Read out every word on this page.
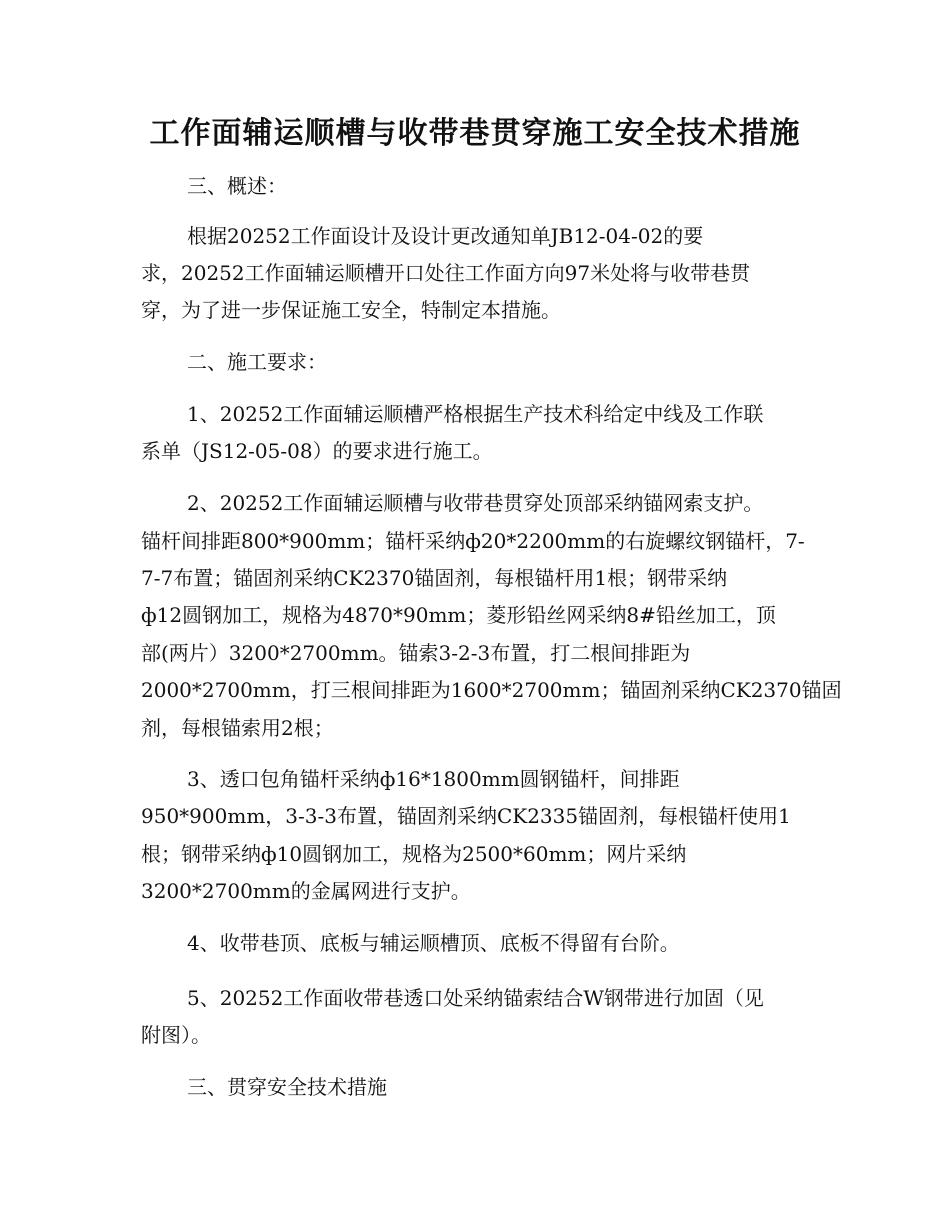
工作面辅运顺槽与收带巷贯穿施工安全技术措施
三、概述：
根据20252工作面设计及设计更改通知单JB12-04-02的要
求，20252工作面辅运顺槽开口处往工作面方向97米处将与收带巷贯
穿，为了进一步保证施工安全，特制定本措施。
二、施工要求：
1、20252工作面辅运顺槽严格根据生产技术科给定中线及工作联
系单（JS12-05-08）的要求进行施工。
2、20252工作面辅运顺槽与收带巷贯穿处顶部采纳锚网索支护。
锚杆间排距800*900mm；锚杆采纳ф20*2200mm的右旋螺纹钢锚杆，7-
7-7布置；锚固剂采纳CK2370锚固剂，每根锚杆用1根；钢带采纳
ф12圆钢加工，规格为4870*90mm；菱形铅丝网采纳8#铅丝加工，顶
部(两片）3200*2700mm。锚索3-2-3布置，打二根间排距为
2000*2700mm，打三根间排距为1600*2700mm；锚固剂采纳CK2370锚固
剂，每根锚索用2根；
3、透口包角锚杆采纳ф16*1800mm圆钢锚杆，间排距
950*900mm，3-3-3布置，锚固剂采纳CK2335锚固剂，每根锚杆使用1
根；钢带采纳ф10圆钢加工，规格为2500*60mm；网片采纳
3200*2700mm的金属网进行支护。
4、收带巷顶、底板与辅运顺槽顶、底板不得留有台阶。
5、20252工作面收带巷透口处采纳锚索结合W钢带进行加固（见
附图）。
三、贯穿安全技术措施
